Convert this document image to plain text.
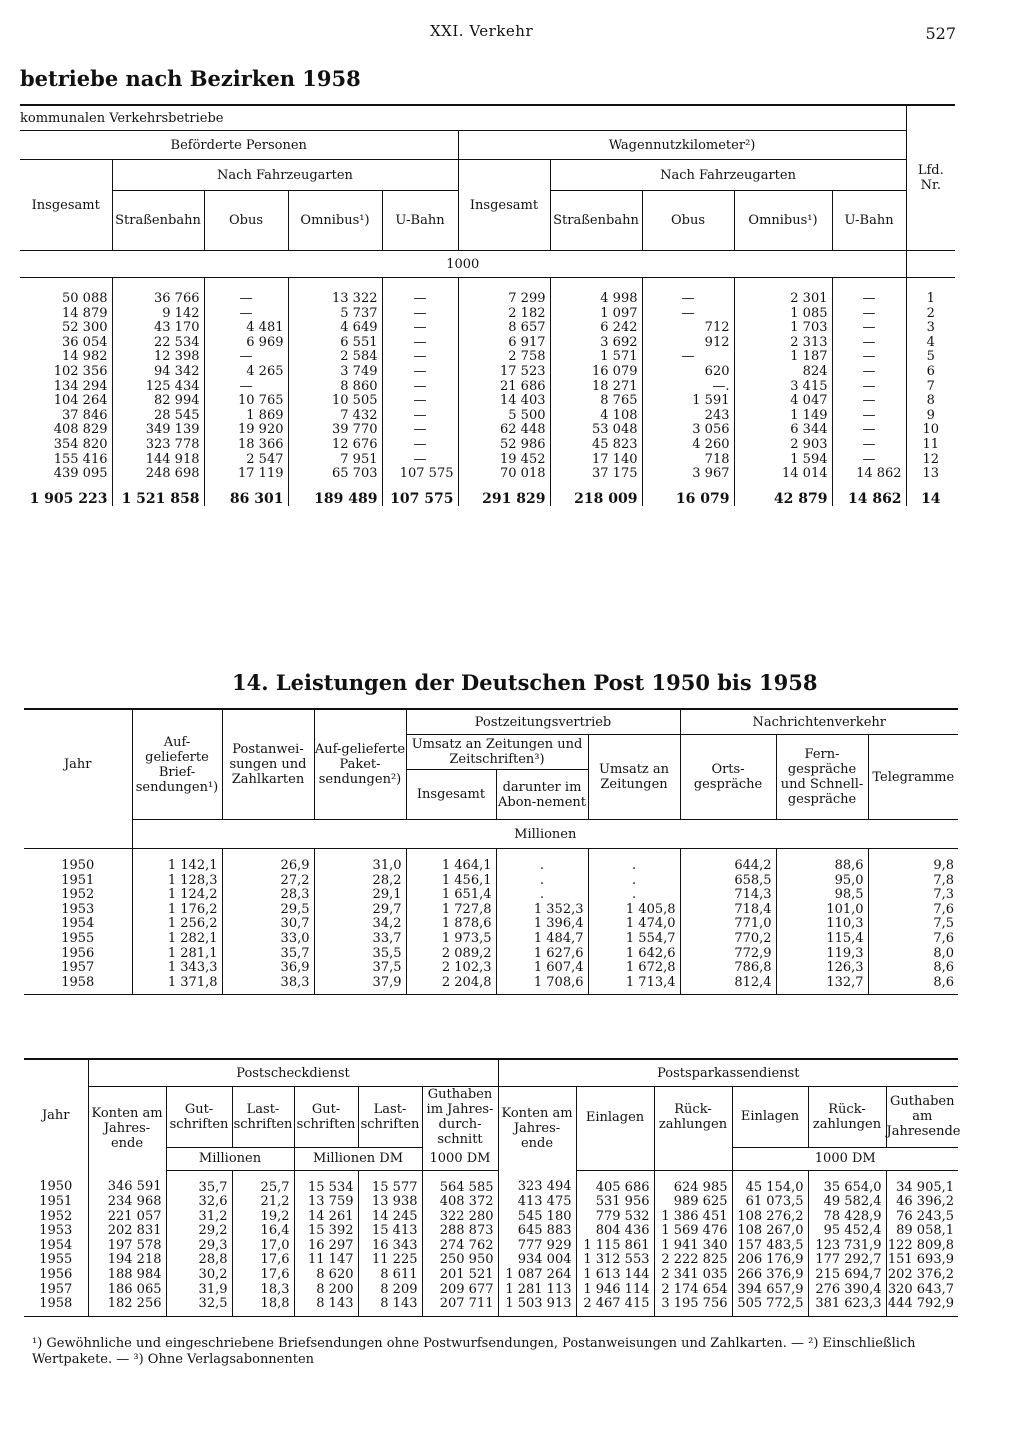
XXI. Verkehr	527
betriebe nach Bezirken 1958
kommunalen Verkehrsbetriebe										Lfd. Nr.
Beförderte Personen					Wagennutzkilometer²)					
Insgesamt	Nach Fahrzeugarten				Insgesamt	Nach Fahrzeugarten				
	Straßenbahn	Obus	Omnibus¹)	U-Bahn		Straßenbahn	Obus	Omnibus¹)	U-Bahn	
1000										
50 088	36 766	—	13 322	—	7 299	4 998	—	2 301	—	1
14 879	9 142	—	5 737	—	2 182	1 097	—	1 085	—	2
52 300	43 170	4 481	4 649	—	8 657	6 242	712	1 703	—	3
36 054	22 534	6 969	6 551	—	6 917	3 692	912	2 313	—	4
14 982	12 398	—	2 584	—	2 758	1 571	—	1 187	—	5
102 356	94 342	4 265	3 749	—	17 523	16 079	620	824	—	6
134 294	125 434	—	8 860	—	21 686	18 271	—.	3 415	—	7
104 264	82 994	10 765	10 505	—	14 403	8 765	1 591	4 047	—	8
37 846	28 545	1 869	7 432	—	5 500	4 108	243	1 149	—	9
408 829	349 139	19 920	39 770	—	62 448	53 048	3 056	6 344	—	10
354 820	323 778	18 366	12 676	—	52 986	45 823	4 260	2 903	—	11
155 416	144 918	2 547	7 951	—	19 452	17 140	718	1 594	—	12
439 095	248 698	17 119	65 703	107 575	70 018	37 175	3 967	14 014	14 862	13
1 905 223	1 521 858	86 301	189 489	107 575	291 829	218 009	16 079	42 879	14 862	14
14. Leistungen der Deutschen Post 1950 bis 1958
Jahr	Auf-gelieferte Brief-sendungen¹)	Postanwei-sungen und Zahlkarten	Auf-gelieferte Paket-sendungen²)	Postzeitungsvertrieb			Nachrichtenverkehr		
				Umsatz an Zeitungen und Zeitschriften³)		Umsatz an Zeitungen	Orts-gespräche	Fern-gespräche und Schnell-gespräche	Telegramme
				Insgesamt	darunter im Abon-nement				
	Millionen								
1950	1 142,1	26,9	31,0	1 464,1	.	.	644,2	88,6	9,8
1951	1 128,3	27,2	28,2	1 456,1	.	.	658,5	95,0	7,8
1952	1 124,2	28,3	29,1	1 651,4	.	.	714,3	98,5	7,3
1953	1 176,2	29,5	29,7	1 727,8	1 352,3	1 405,8	718,4	101,0	7,6
1954	1 256,2	30,7	34,2	1 878,6	1 396,4	1 474,0	771,0	110,3	7,5
1955	1 282,1	33,0	33,7	1 973,5	1 484,7	1 554,7	770,2	115,4	7,6
1956	1 281,1	35,7	35,5	2 089,2	1 627,6	1 642,6	772,9	119,3	8,0
1957	1 343,3	36,9	37,5	2 102,3	1 607,4	1 672,8	786,8	126,3	8,6
1958	1 371,8	38,3	37,9	2 204,8	1 708,6	1 713,4	812,4	132,7	8,6
Jahr	Postscheckdienst						Postsparkassendienst					
	Konten am Jahres-ende	Gut-schriften	Last-schriften	Gut-schriften	Last-schriften	Guthaben im Jahres-durch-schnitt	Konten am Jahres-ende	Einlagen	Rück-zahlungen	Einlagen	Rück-zahlungen	Guthaben am Jahresende
		Millionen		Millionen DM		1000 DM				1000 DM		
1950	346 591	35,7	25,7	15 534	15 577	564 585	323 494	405 686	624 985	45 154,0	35 654,0	34 905,1
1951	234 968	32,6	21,2	13 759	13 938	408 372	413 475	531 956	989 625	61 073,5	49 582,4	46 396,2
1952	221 057	31,2	19,2	14 261	14 245	322 280	545 180	779 532	1 386 451	108 276,2	78 428,9	76 243,5
1953	202 831	29,2	16,4	15 392	15 413	288 873	645 883	804 436	1 569 476	108 267,0	95 452,4	89 058,1
1954	197 578	29,3	17,0	16 297	16 343	274 762	777 929	1 115 861	1 941 340	157 483,5	123 731,9	122 809,8
1955	194 218	28,8	17,6	11 147	11 225	250 950	934 004	1 312 553	2 222 825	206 176,9	177 292,7	151 693,9
1956	188 984	30,2	17,6	8 620	8 611	201 521	1 087 264	1 613 144	2 341 035	266 376,9	215 694,7	202 376,2
1957	186 065	31,9	18,3	8 200	8 209	209 677	1 281 113	1 946 114	2 174 654	394 657,9	276 390,4	320 643,7
1958	182 256	32,5	18,8	8 143	8 143	207 711	1 503 913	2 467 415	3 195 756	505 772,5	381 623,3	444 792,9
¹) Gewöhnliche und eingeschriebene Briefsendungen ohne Postwurfsendungen, Postanweisungen und Zahlkarten. — ²) Einschließlich Wertpakete. — ³) Ohne Verlagsabonnenten
